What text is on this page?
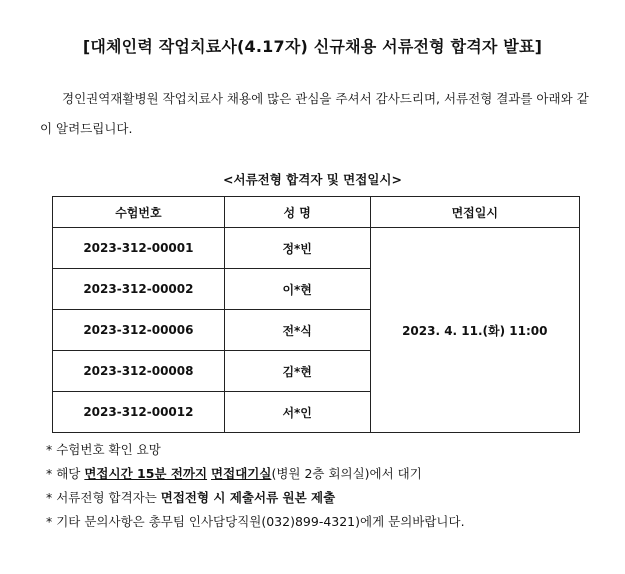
[대체인력 작업치료사(4.17자) 신규채용 서류전형 합격자 발표]
경인권역재활병원 작업치료사 채용에 많은 관심을 주셔서 감사드리며, 서류전형 결과를 아래와 같이 알려드립니다.
<서류전형 합격자 및 면접일시>
수험번호	성 명	면접일시
2023-312-00001	정*빈	2023. 4. 11.(화) 11:00
2023-312-00002	이*현	
2023-312-00006	전*식	
2023-312-00008	김*현	
2023-312-00012	서*인	
* 수험번호 확인 요망
* 해당 면접시간 15분 전까지 면접대기실(병원 2층 회의실)에서 대기
* 서류전형 합격자는 면접전형 시 제출서류 원본 제출
* 기타 문의사항은 총무팀 인사담당직원(032)899-4321)에게 문의바랍니다.
